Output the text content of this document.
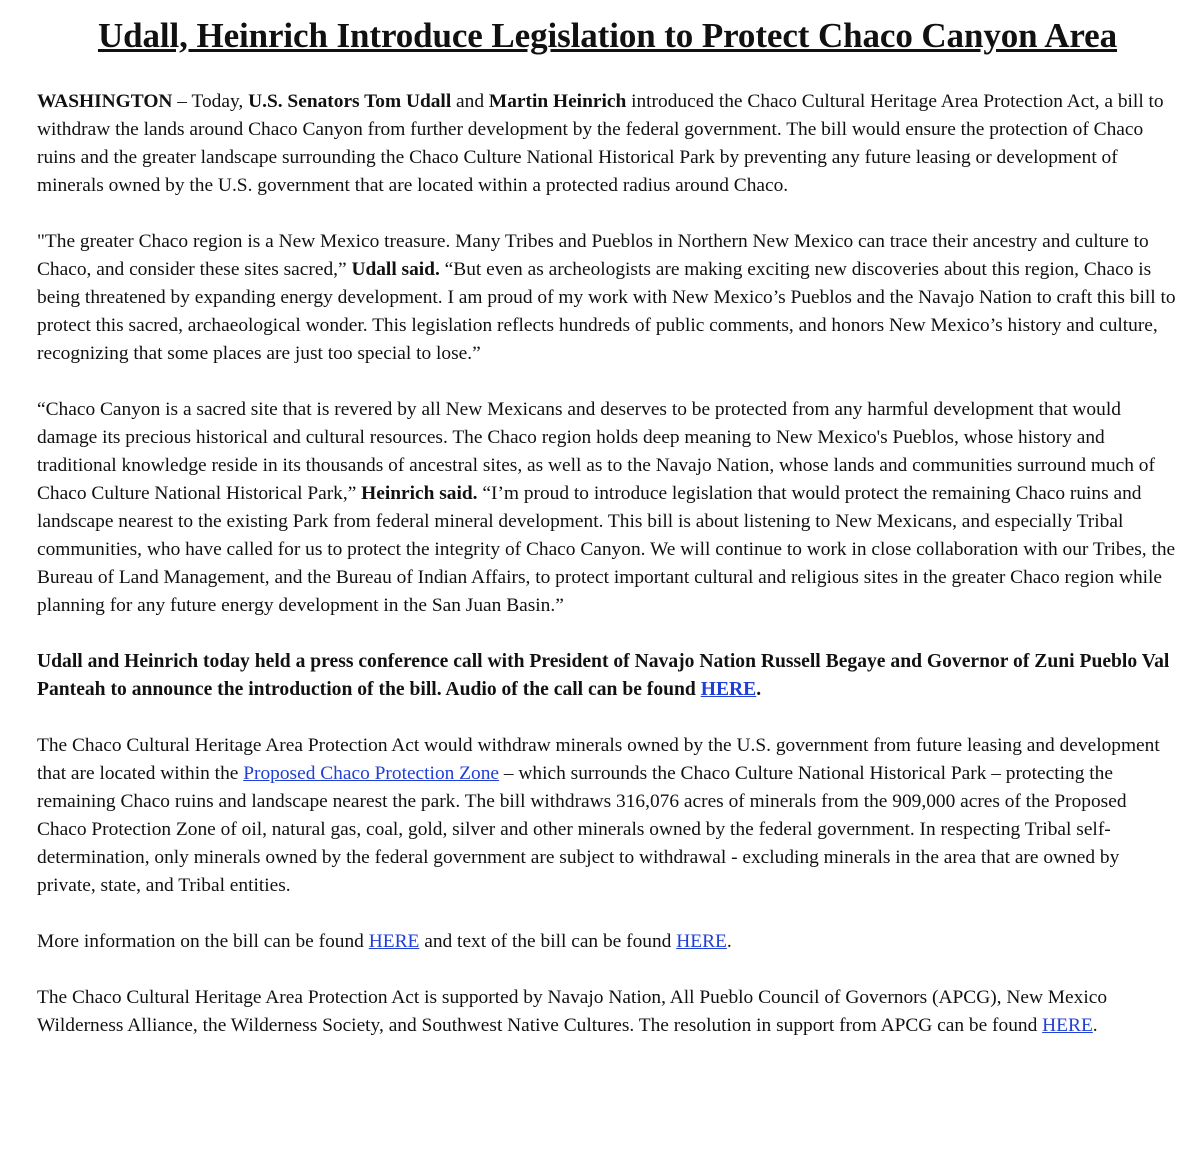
Udall, Heinrich Introduce Legislation to Protect Chaco Canyon Area

WASHINGTON – Today, U.S. Senators Tom Udall and Martin Heinrich introduced the Chaco Cultural Heritage Area Protection Act, a bill to withdraw the lands around Chaco Canyon from further development by the federal government. The bill would ensure the protection of Chaco ruins and the greater landscape surrounding the Chaco Culture National Historical Park by preventing any future leasing or development of minerals owned by the U.S. government that are located within a protected radius around Chaco.

"The greater Chaco region is a New Mexico treasure. Many Tribes and Pueblos in Northern New Mexico can trace their ancestry and culture to Chaco, and consider these sites sacred,” Udall said. “But even as archeologists are making exciting new discoveries about this region, Chaco is being threatened by expanding energy development. I am proud of my work with New Mexico’s Pueblos and the Navajo Nation to craft this bill to protect this sacred, archaeological wonder. This legislation reflects hundreds of public comments, and honors New Mexico’s history and culture, recognizing that some places are just too special to lose.”

“Chaco Canyon is a sacred site that is revered by all New Mexicans and deserves to be protected from any harmful development that would damage its precious historical and cultural resources. The Chaco region holds deep meaning to New Mexico's Pueblos, whose history and traditional knowledge reside in its thousands of ancestral sites, as well as to the Navajo Nation, whose lands and communities surround much of Chaco Culture National Historical Park,” Heinrich said. “I’m proud to introduce legislation that would protect the remaining Chaco ruins and landscape nearest to the existing Park from federal mineral development. This bill is about listening to New Mexicans, and especially Tribal communities, who have called for us to protect the integrity of Chaco Canyon. We will continue to work in close collaboration with our Tribes, the Bureau of Land Management, and the Bureau of Indian Affairs, to protect important cultural and religious sites in the greater Chaco region while planning for any future energy development in the San Juan Basin.”

Udall and Heinrich today held a press conference call with President of Navajo Nation Russell Begaye and Governor of Zuni Pueblo Val Panteah to announce the introduction of the bill. Audio of the call can be found HERE.

The Chaco Cultural Heritage Area Protection Act would withdraw minerals owned by the U.S. government from future leasing and development that are located within the Proposed Chaco Protection Zone – which surrounds the Chaco Culture National Historical Park – protecting the remaining Chaco ruins and landscape nearest the park. The bill withdraws 316,076 acres of minerals from the 909,000 acres of the Proposed Chaco Protection Zone of oil, natural gas, coal, gold, silver and other minerals owned by the federal government. In respecting Tribal self-determination, only minerals owned by the federal government are subject to withdrawal - excluding minerals in the area that are owned by private, state, and Tribal entities.

More information on the bill can be found HERE and text of the bill can be found HERE.

The Chaco Cultural Heritage Area Protection Act is supported by Navajo Nation, All Pueblo Council of Governors (APCG), New Mexico Wilderness Alliance, the Wilderness Society, and Southwest Native Cultures. The resolution in support from APCG can be found HERE.
